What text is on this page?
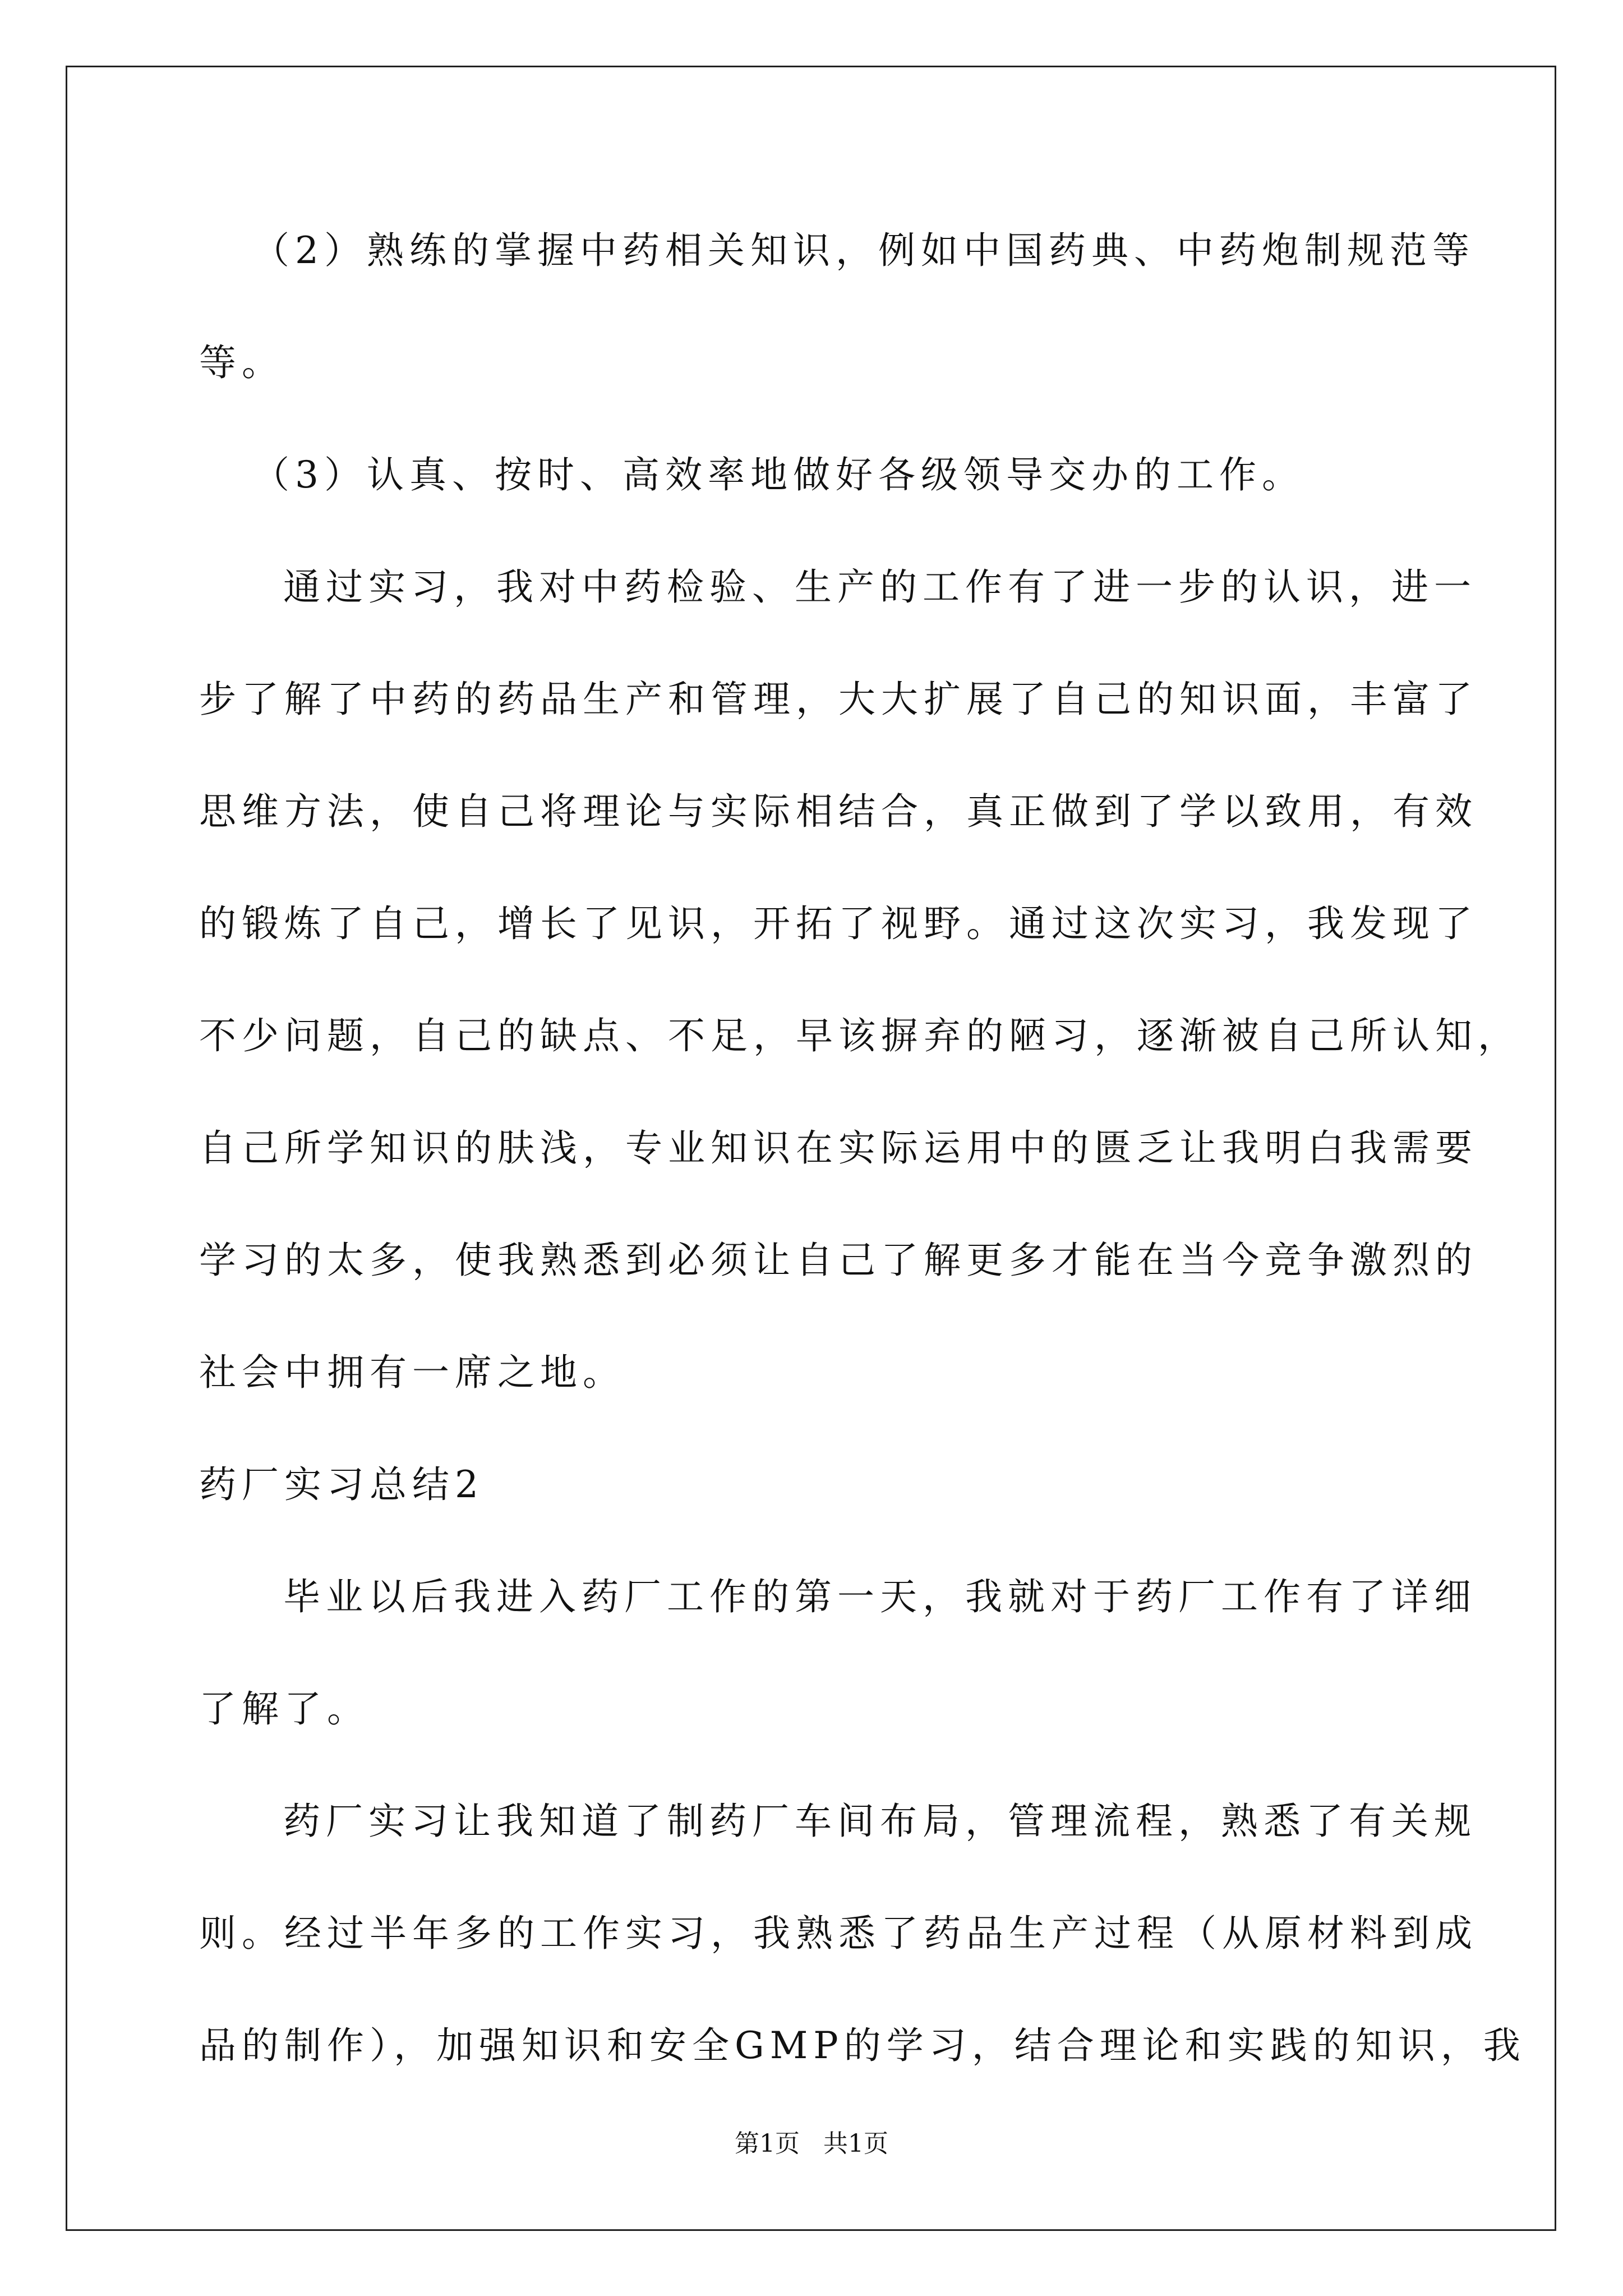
（2）熟练的掌握中药相关知识，例如中国药典、中药炮制规范等
等。
（3）认真、按时、高效率地做好各级领导交办的工作。
通过实习，我对中药检验、生产的工作有了进一步的认识，进一
步了解了中药的药品生产和管理，大大扩展了自己的知识面，丰富了
思维方法，使自己将理论与实际相结合，真正做到了学以致用，有效
的锻炼了自己，增长了见识，开拓了视野。通过这次实习，我发现了
不少问题，自己的缺点、不足，早该摒弃的陋习，逐渐被自己所认知，
自己所学知识的肤浅，专业知识在实际运用中的匮乏让我明白我需要
学习的太多，使我熟悉到必须让自己了解更多才能在当今竞争激烈的
社会中拥有一席之地。
药厂实习总结2
毕业以后我进入药厂工作的第一天，我就对于药厂工作有了详细
了解了。
药厂实习让我知道了制药厂车间布局，管理流程，熟悉了有关规
则。经过半年多的工作实习，我熟悉了药品生产过程（从原材料到成
品的制作），加强知识和安全GMP的学习，结合理论和实践的知识，我
第1页 共1页
